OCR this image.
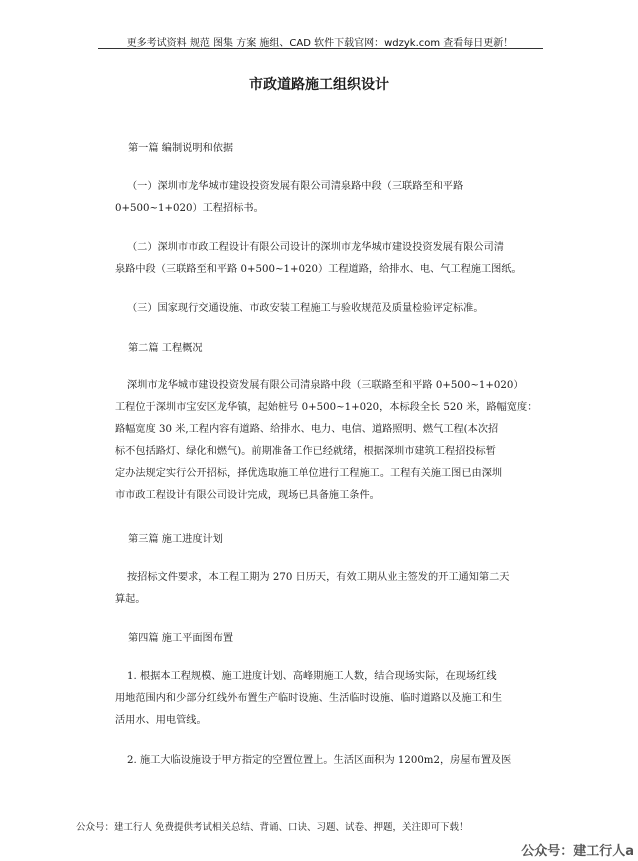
更多考试资料 规范 图集 方案 施组、CAD 软件下载官网：wdzyk.com 查看每日更新！
市政道路施工组织设计
第一篇 编制说明和依据
（一）深圳市龙华城市建设投资发展有限公司清泉路中段（三联路至和平路
0+500~1+020）工程招标书。
（二）深圳市市政工程设计有限公司设计的深圳市龙华城市建设投资发展有限公司清
泉路中段（三联路至和平路 0+500~1+020）工程道路，给排水、电、气工程施工图纸。
（三）国家现行交通设施、市政安装工程施工与验收规范及质量检验评定标准。
第二篇 工程概况
深圳市龙华城市建设投资发展有限公司清泉路中段（三联路至和平路 0+500~1+020）
工程位于深圳市宝安区龙华镇，起始桩号 0+500~1+020，本标段全长 520 米，路幅宽度：
路幅宽度 30 米,工程内容有道路、给排水、电力、电信、道路照明、燃气工程(本次招
标不包括路灯、绿化和燃气)。前期准备工作已经就绪，根据深圳市建筑工程招投标暂
定办法规定实行公开招标，择优选取施工单位进行工程施工。工程有关施工图已由深圳
市市政工程设计有限公司设计完成，现场已具备施工条件。
第三篇 施工进度计划
按招标文件要求，本工程工期为 270 日历天，有效工期从业主签发的开工通知第二天
算起。
第四篇 施工平面图布置
1. 根据本工程规模、施工进度计划、高峰期施工人数，结合现场实际，在现场红线
用地范围内和少部分红线外布置生产临时设施、生活临时设施、临时道路以及施工和生
活用水、用电管线。
2. 施工大临设施设于甲方指定的空置位置上。生活区面积为 1200m2，房屋布置及医
公众号：建工行人 免费提供考试相关总结、背诵、口诀、习题、试卷、押题，关注即可下载！
公众号：建工行人a
